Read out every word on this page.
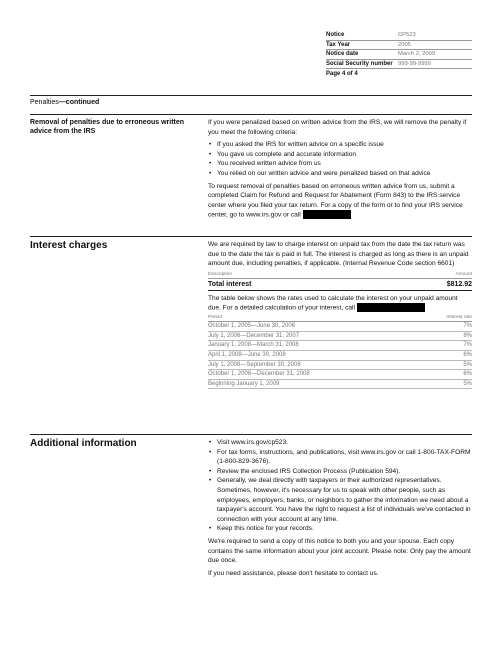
Notice	CP523
Tax Year	2005
Notice date	March 2, 2009
Social Security number 999-99-9999
Page 4 of 4
Penalties—continued
Removal of penalties due to erroneous written advice from the IRS

If you were penalized based on written advice from the IRS, we will remove the penalty if you meet the following criteria:

• If you asked the IRS for written advice on a specific issue
• You gave us complete and accurate information
• You received written advice from us
• You relied on our written advice and were penalized based on that advice

To request removal of penalties based on erroneous written advice from us, submit a completed Claim for Refund and Request for Abatement (Form 843) to the IRS service center where you filed your tax return. For a copy of the form or to find your IRS service center, go to www.irs.gov or call

Interest charges	We are required by law to charge interest on unpaid tax from the date the tax return was due to the date the tax is paid in full. The interest is charged as long as there is an unpaid amount due, including penalties, if applicable. (Internal Revenue Code section 6601)

Description	Amount
Total interest	$812.92

The table below shows the rates used to calculate the interest on your unpaid amount due. For a detailed calculation of your interest, call

Period	Interest rate
October 1, 2005—June 30, 2006	7%
July 1, 2006—December 31, 2007	8%
January 1, 2008—March 31, 2008	7%
April 1, 2008—June 30, 2008	6%
July 1, 2008—September 30, 2008	5%
October 1, 2008—December 31, 2008	6%
Beginning January 1, 2009	5%
Additional information	• Visit www.irs.gov/cp523.
• For tax forms, instructions, and publications, visit www.irs.gov or call 1-800-TAX-FORM (1-800-829-3676).
• Review the enclosed IRS Collection Process (Publication 594).
• Generally, we deal directly with taxpayers or their authorized representatives. Sometimes, however, it's necessary for us to speak with other people, such as employees, employers, banks, or neighbors to gather the information we need about a taxpayer's account. You have the right to request a list of individuals we've contacted in connection with your account at any time.
• Keep this notice for your records.

We're required to send a copy of this notice to both you and your spouse. Each copy contains the same information about your joint account. Please note: Only pay the amount due once.

If you need assistance, please don't hesitate to contact us.
